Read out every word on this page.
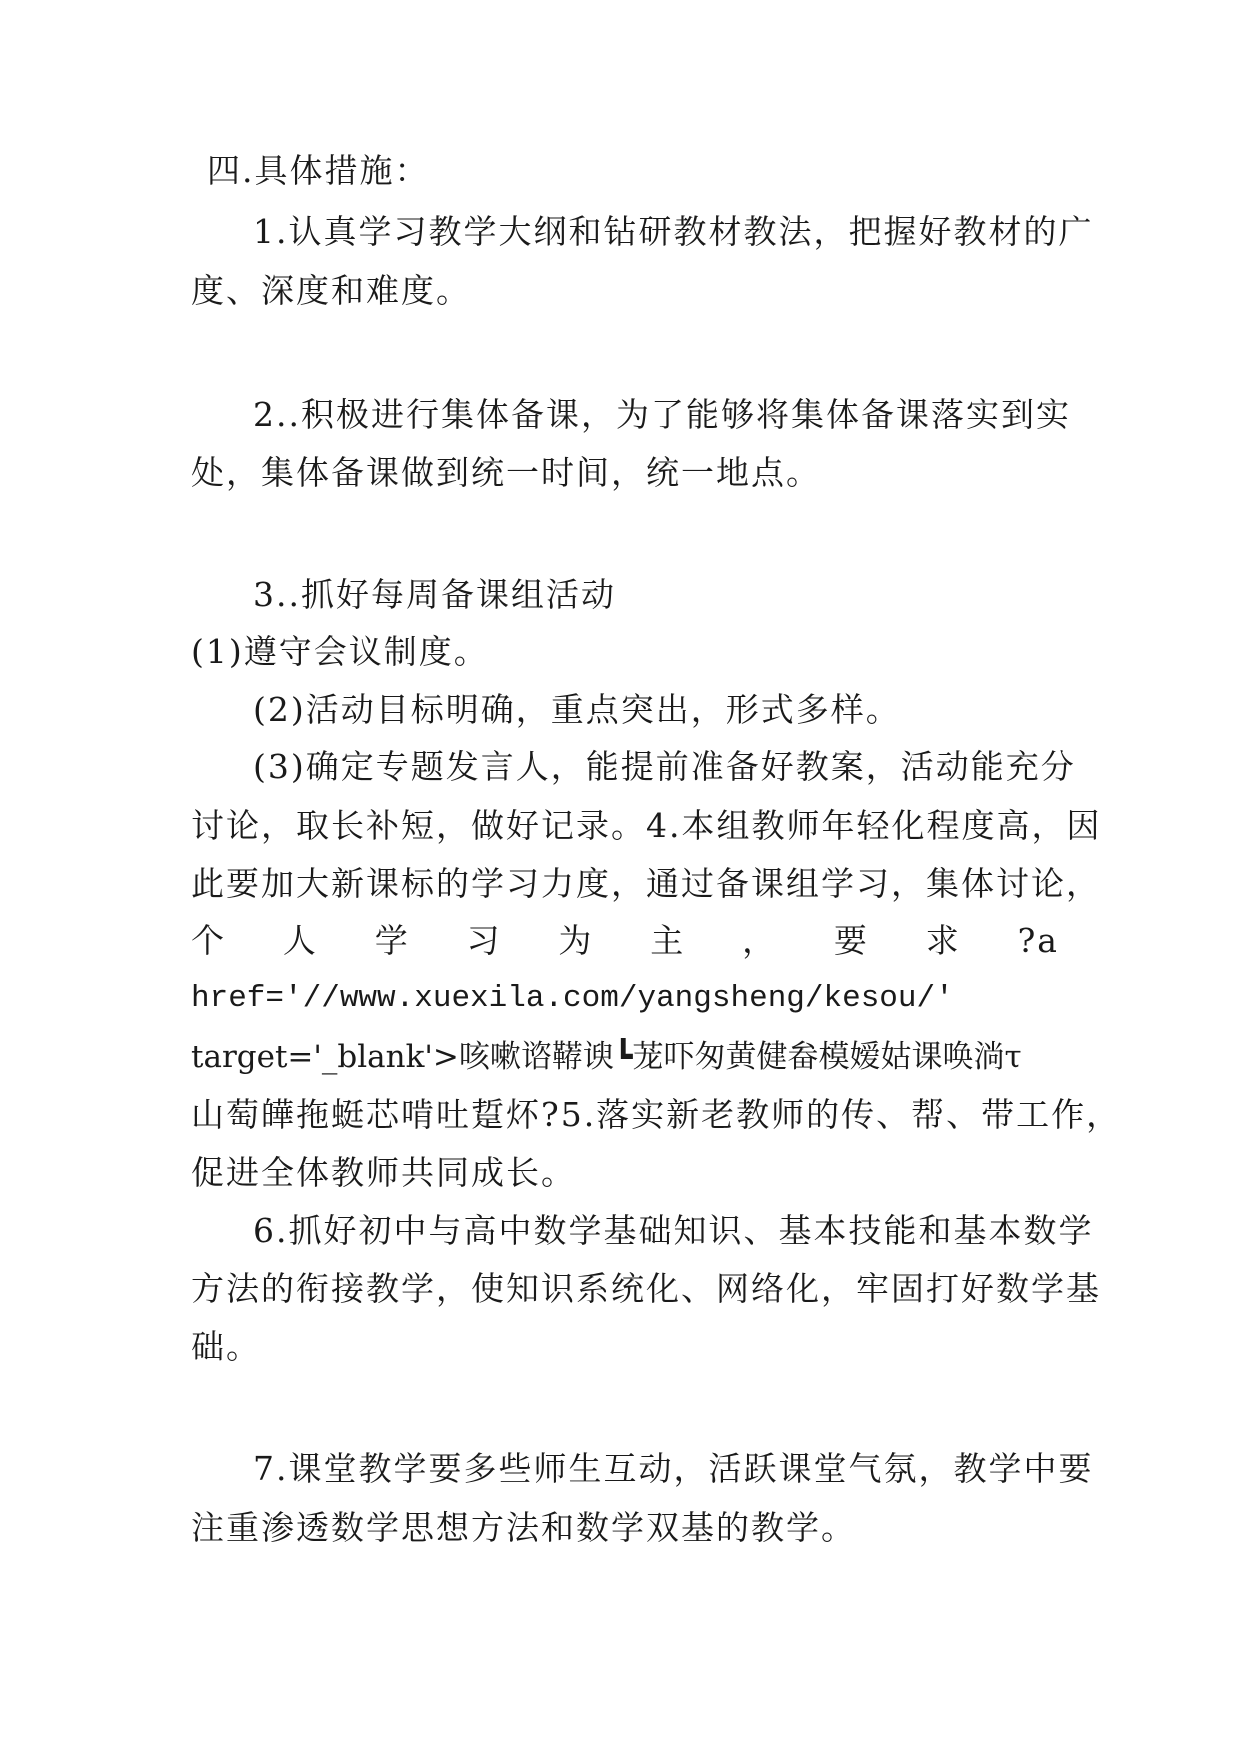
四.具体措施：
1.认真学习教学大纲和钻研教材教法，把握好教材的广
度、深度和难度。
2..积极进行集体备课，为了能够将集体备课落实到实
处，集体备课做到统一时间，统一地点。
3..抓好每周备课组活动
(1)遵守会议制度。
(2)活动目标明确，重点突出，形式多样。
(3)确定专题发言人，能提前准备好教案，活动能充分
讨论，取长补短，做好记录。4.本组教师年轻化程度高，因
此要加大新课标的学习力度，通过备课组学习，集体讨论，
个 人 学 习 为 主 ， 要 求 ?a
href='//www.xuexila.com/yangsheng/kesou/'
target='_blank'>咳嗽谘鞯谀┗茏吓匆黄健畚模嫒姑课唤淌τ
山萄皣拖蜓芯啃吐踅炋?5.落实新老教师的传、帮、带工作，
促进全体教师共同成长。
6.抓好初中与高中数学基础知识、基本技能和基本数学
方法的衔接教学，使知识系统化、网络化，牢固打好数学基
础。
7.课堂教学要多些师生互动，活跃课堂气氛，教学中要
注重渗透数学思想方法和数学双基的教学。
